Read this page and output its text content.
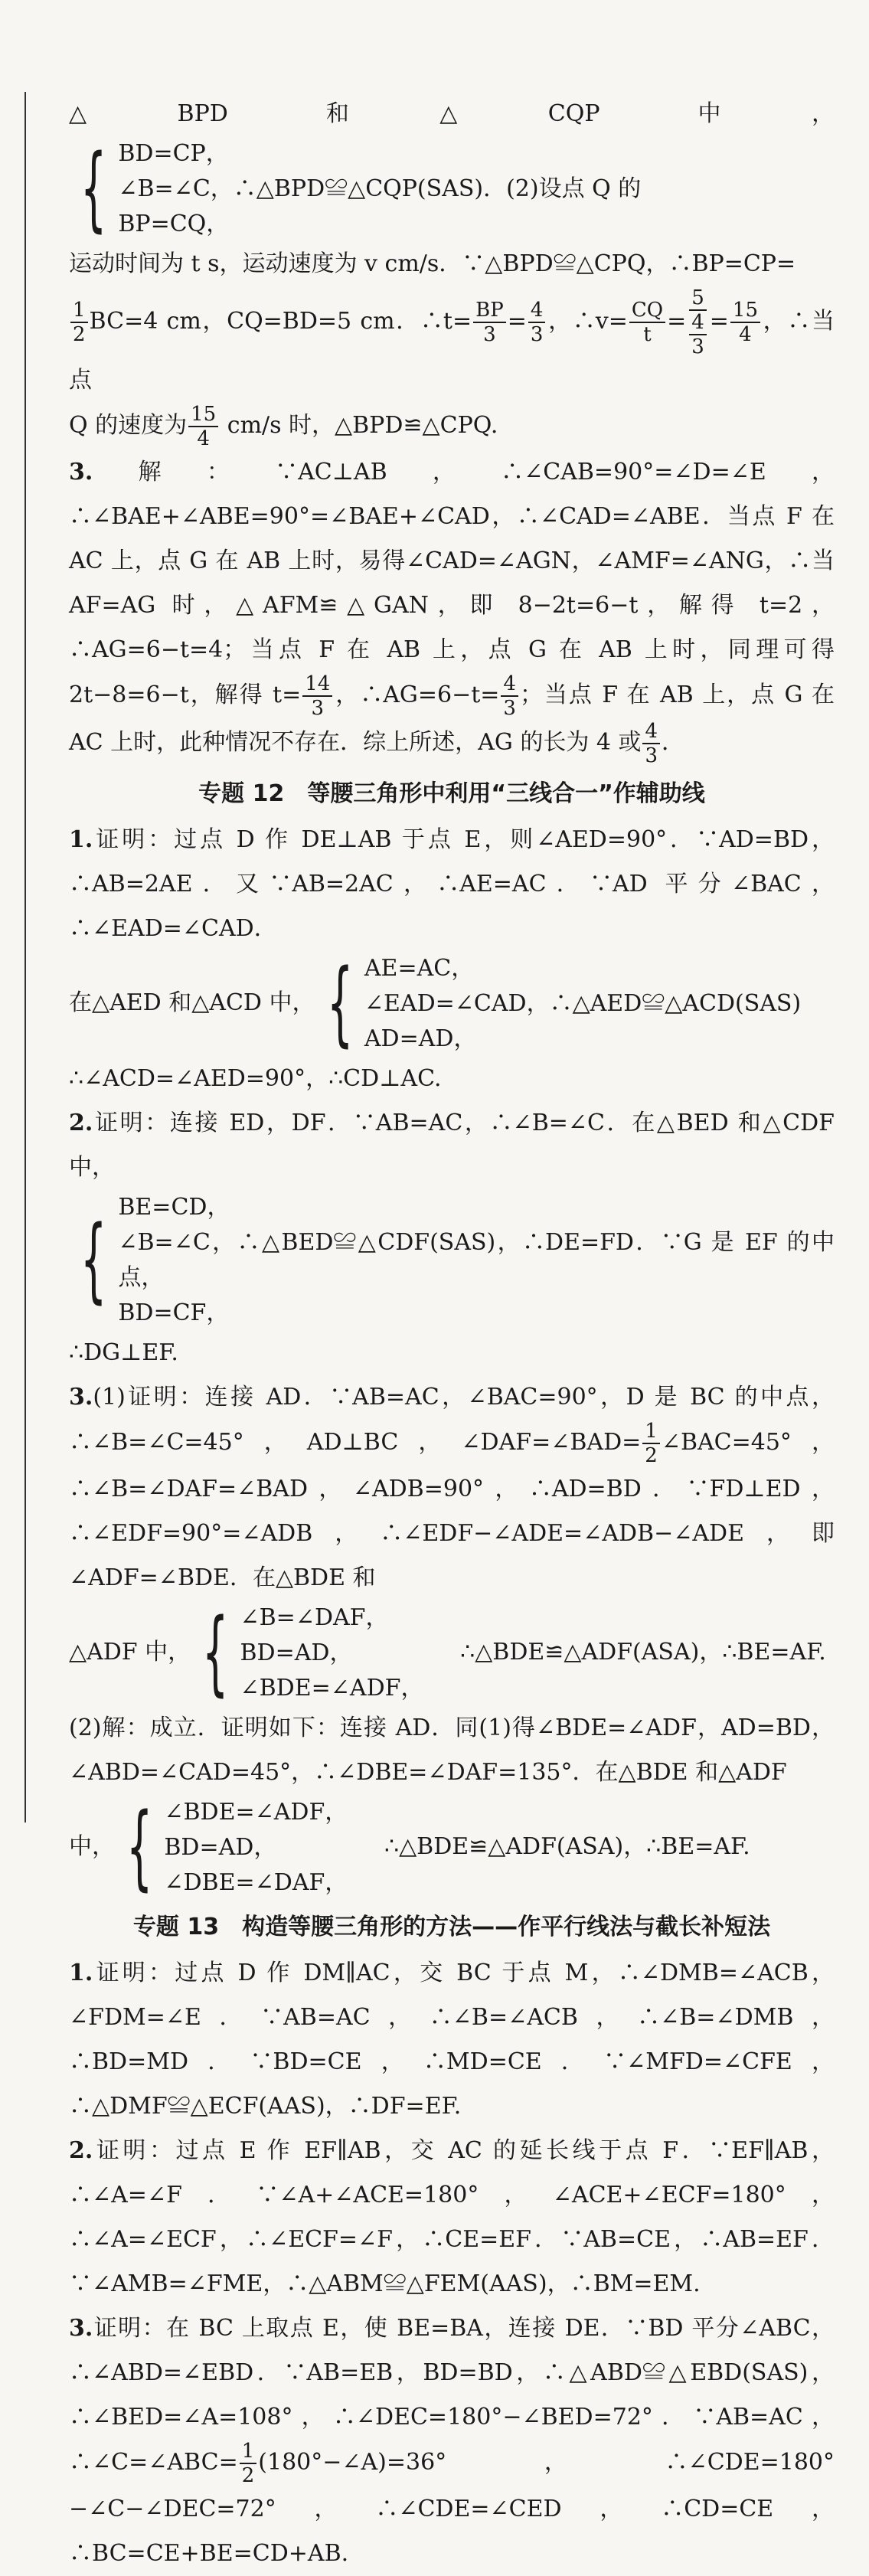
△BPD 和△CQP 中，
{ BD=CP，
∠B=∠C，∴△BPD≌△CQP(SAS)．(2)设点 Q 的
BP=CQ，
运动时间为 t s，运动速度为 v cm/s．∵△BPD≌△CPQ，∴BP=CP=
$\frac{1}{2} BC=4$ cm，CQ=BD=5 cm．∴t= $\frac{BP}{3} = \frac{4}{3}$ ，∴v= $\frac{CQ}{t} = \frac{5}{\frac{4}{3}} = \frac{15}{4}$ ，∴当点
Q 的速度为 $\frac{15}{4} cm/s$ 时，△BPD≌△CPQ.
3.解：∵AC⊥AB，∴∠CAB=90°=∠D=∠E，∴∠BAE+∠ABE=90°=∠BAE+∠CAD，∴∠CAD=∠ABE．当点 F 在 AC 上，点 G 在 AB 上时，易得∠CAD=∠AGN，∠AMF=∠ANG，∴当 AF=AG 时，△AFM≌△GAN，即 8−2t=6−t，解得 t=2，∴AG=6−t=4；当点 F 在 AB 上，点 G 在 AB 上时，同理可得 2t−8=6−t，解得 $t= \frac{14}{3}$ ，∴AG=6−t= $\frac{4}{3}$ ；当点 F 在 AB 上，点 G 在 AC 上时，此种情况不存在．综上所述，AG 的长为 4 或 $\frac{4}{3}$ ．
专题 12　等腰三角形中利用“三线合一”作辅助线
1.证明：过点 D 作 DE⊥AB 于点 E，则∠AED=90°．∵AD=BD，∴AB=2AE．又∵AB=2AC，∴AE=AC．∵AD 平分∠BAC，∴∠EAD=∠CAD．
在△AED 和△ACD 中， { AE=AC，
∠EAD=∠CAD，∴△AED≌△ACD(SAS)
AD=AD，
∴∠ACD=∠AED=90°，∴CD⊥AC.
2.证明：连接 ED，DF．∵AB=AC，∴∠B=∠C．在△BED 和△CDF 中，
{ BE=CD，
∠B=∠C，∴△BED≌△CDF(SAS)，∴DE=FD．∵G 是 EF 的中点，
BD=CF，
∴DG⊥EF.
3.(1)证明：连接 AD．∵AB=AC，∠BAC=90°，D 是 BC 的中点，∴∠B=∠C=45°，AD⊥BC，∠DAF=∠BAD= $\frac{1}{2}$ ∠BAC=45°，∴∠B=∠DAF=∠BAD，∠ADB=90°，∴AD=BD．∵FD⊥ED，∴∠EDF=90°=∠ADB，∴∠EDF−∠ADE=∠ADB−∠ADE，即∠ADF=∠BDE．在△BDE 和
△ADF 中， { ∠B=∠DAF，
BD=AD，
∠BDE=∠ADF，
∴△BDE≌△ADF(ASA)，∴BE=AF.
(2)解：成立．证明如下：连接 AD．同(1)得∠BDE=∠ADF，AD=BD，∠ABD=∠CAD=45°，∴∠DBE=∠DAF=135°．在△BDE 和△ADF
中， { ∠BDE=∠ADF，
BD=AD，
∠DBE=∠DAF，
∴△BDE≌△ADF(ASA)，∴BE=AF.
专题 13　构造等腰三角形的方法——作平行线法与截长补短法
1.证明：过点 D 作 DM∥AC，交 BC 于点 M，∴∠DMB=∠ACB，∠FDM=∠E．∵AB=AC，∴∠B=∠ACB，∴∠B=∠DMB，∴BD=MD．∵BD=CE，∴MD=CE．∵∠MFD=∠CFE，∴△DMF≌△ECF(AAS)，∴DF=EF.
2.证明：过点 E 作 EF∥AB，交 AC 的延长线于点 F．∵EF∥AB，∴∠A=∠F．∵∠A+∠ACE=180°，∠ACE+∠ECF=180°，∴∠A=∠ECF，∴∠ECF=∠F，∴CE=EF．∵AB=CE，∴AB=EF．∵∠AMB=∠FME，∴△ABM≌△FEM(AAS)，∴BM=EM.
3.证明：在 BC 上取点 E，使 BE=BA，连接 DE．∵BD 平分∠ABC，∴∠ABD=∠EBD．∵AB=EB，BD=BD，∴△ABD≌△EBD(SAS)，∴∠BED=∠A=108°，∴∠DEC=180°−∠BED=72°．∵AB=AC，∴∠C=∠ABC= $\frac{1}{2}$ (180°−∠A)=36°，∴∠CDE=180°−∠C−∠DEC=72°，∴∠CDE=∠CED，∴CD=CE，∴BC=CE+BE=CD+AB.
